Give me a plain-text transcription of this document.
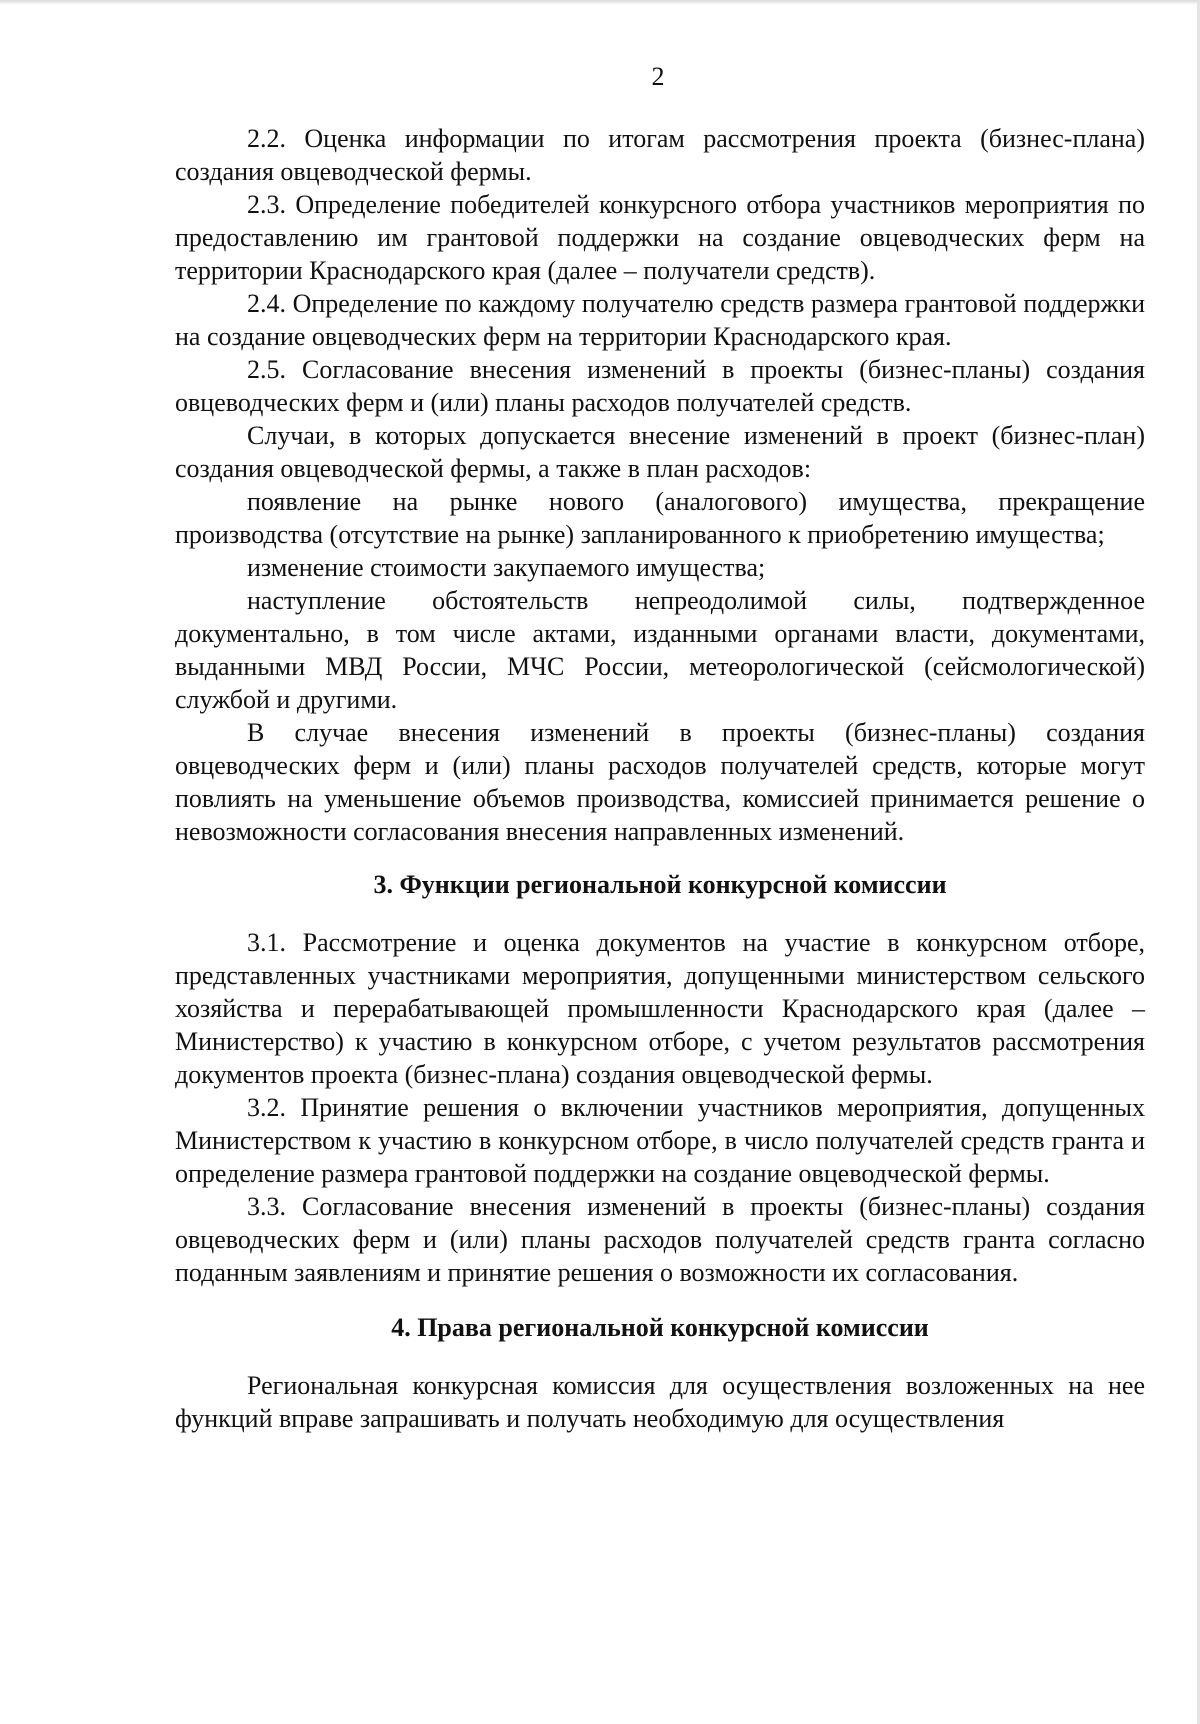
2

2.2. Оценка информации по итогам рассмотрения проекта (бизнес-плана) создания овцеводческой фермы.

2.3. Определение победителей конкурсного отбора участников мероприятия по предоставлению им грантовой поддержки на создание овцеводческих ферм на территории Краснодарского края (далее – получатели средств).

2.4. Определение по каждому получателю средств размера грантовой поддержки на создание овцеводческих ферм на территории Краснодарского края.

2.5. Согласование внесения изменений в проекты (бизнес-планы) создания овцеводческих ферм и (или) планы расходов получателей средств.

Случаи, в которых допускается внесение изменений в проект (бизнес-план) создания овцеводческой фермы, а также в план расходов:

появление на рынке нового (аналогового) имущества, прекращение производства (отсутствие на рынке) запланированного к приобретению имущества;

изменение стоимости закупаемого имущества;

наступление обстоятельств непреодолимой силы, подтвержденное документально, в том числе актами, изданными органами власти, документами, выданными МВД России, МЧС России, метеорологической (сейсмологической) службой и другими.

В случае внесения изменений в проекты (бизнес-планы) создания овцеводческих ферм и (или) планы расходов получателей средств, которые могут повлиять на уменьшение объемов производства, комиссией принимается решение о невозможности согласования внесения направленных изменений.

3. Функции региональной конкурсной комиссии

3.1. Рассмотрение и оценка документов на участие в конкурсном отборе, представленных участниками мероприятия, допущенными министерством сельского хозяйства и перерабатывающей промышленности Краснодарского края (далее – Министерство) к участию в конкурсном отборе, с учетом результатов рассмотрения документов проекта (бизнес-плана) создания овцеводческой фермы.

3.2. Принятие решения о включении участников мероприятия, допущенных Министерством к участию в конкурсном отборе, в число получателей средств гранта и определение размера грантовой поддержки на создание овцеводческой фермы.

3.3. Согласование внесения изменений в проекты (бизнес-планы) создания овцеводческих ферм и (или) планы расходов получателей средств гранта согласно поданным заявлениям и принятие решения о возможности их согласования.

4. Права региональной конкурсной комиссии

Региональная конкурсная комиссия для осуществления возложенных на нее функций вправе запрашивать и получать необходимую для осуществления
